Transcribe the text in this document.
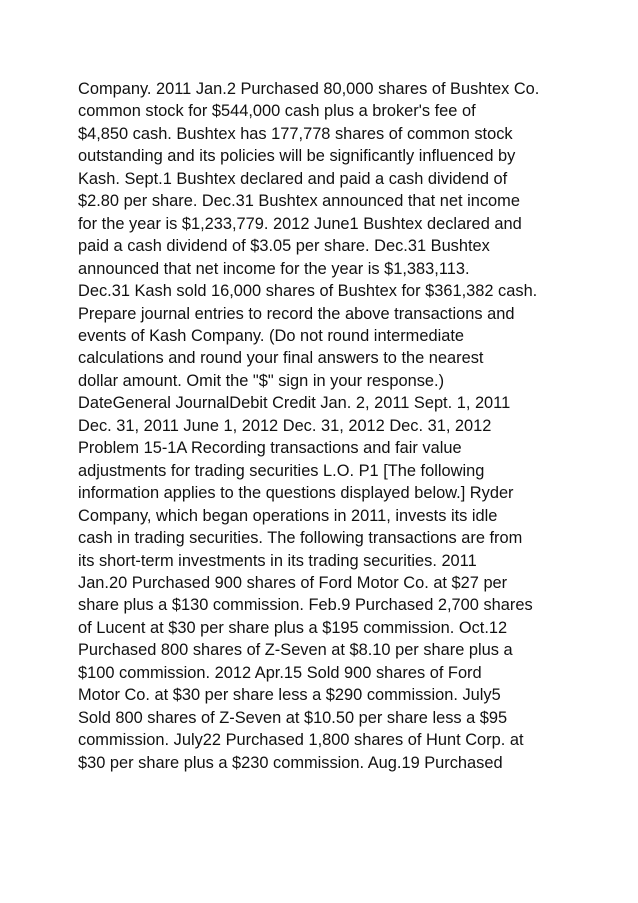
Company. 2011 Jan.2 Purchased 80,000 shares of Bushtex Co.
common stock for $544,000 cash plus a broker's fee of
$4,850 cash. Bushtex has 177,778 shares of common stock
outstanding and its policies will be significantly influenced by
Kash. Sept.1 Bushtex declared and paid a cash dividend of
$2.80 per share. Dec.31 Bushtex announced that net income
for the year is $1,233,779. 2012 June1 Bushtex declared and
paid a cash dividend of $3.05 per share. Dec.31 Bushtex
announced that net income for the year is $1,383,113.
Dec.31 Kash sold 16,000 shares of Bushtex for $361,382 cash.
Prepare journal entries to record the above transactions and
events of Kash Company. (Do not round intermediate
calculations and round your final answers to the nearest
dollar amount. Omit the "$" sign in your response.)
DateGeneral JournalDebit Credit Jan. 2, 2011 Sept. 1, 2011
Dec. 31, 2011 June 1, 2012 Dec. 31, 2012 Dec. 31, 2012
Problem 15-1A Recording transactions and fair value
adjustments for trading securities L.O. P1 [The following
information applies to the questions displayed below.] Ryder
Company, which began operations in 2011, invests its idle
cash in trading securities. The following transactions are from
its short-term investments in its trading securities. 2011
Jan.20 Purchased 900 shares of Ford Motor Co. at $27 per
share plus a $130 commission. Feb.9 Purchased 2,700 shares
of Lucent at $30 per share plus a $195 commission. Oct.12
Purchased 800 shares of Z-Seven at $8.10 per share plus a
$100 commission. 2012 Apr.15 Sold 900 shares of Ford
Motor Co. at $30 per share less a $290 commission. July5
Sold 800 shares of Z-Seven at $10.50 per share less a $95
commission. July22 Purchased 1,800 shares of Hunt Corp. at
$30 per share plus a $230 commission. Aug.19 Purchased
